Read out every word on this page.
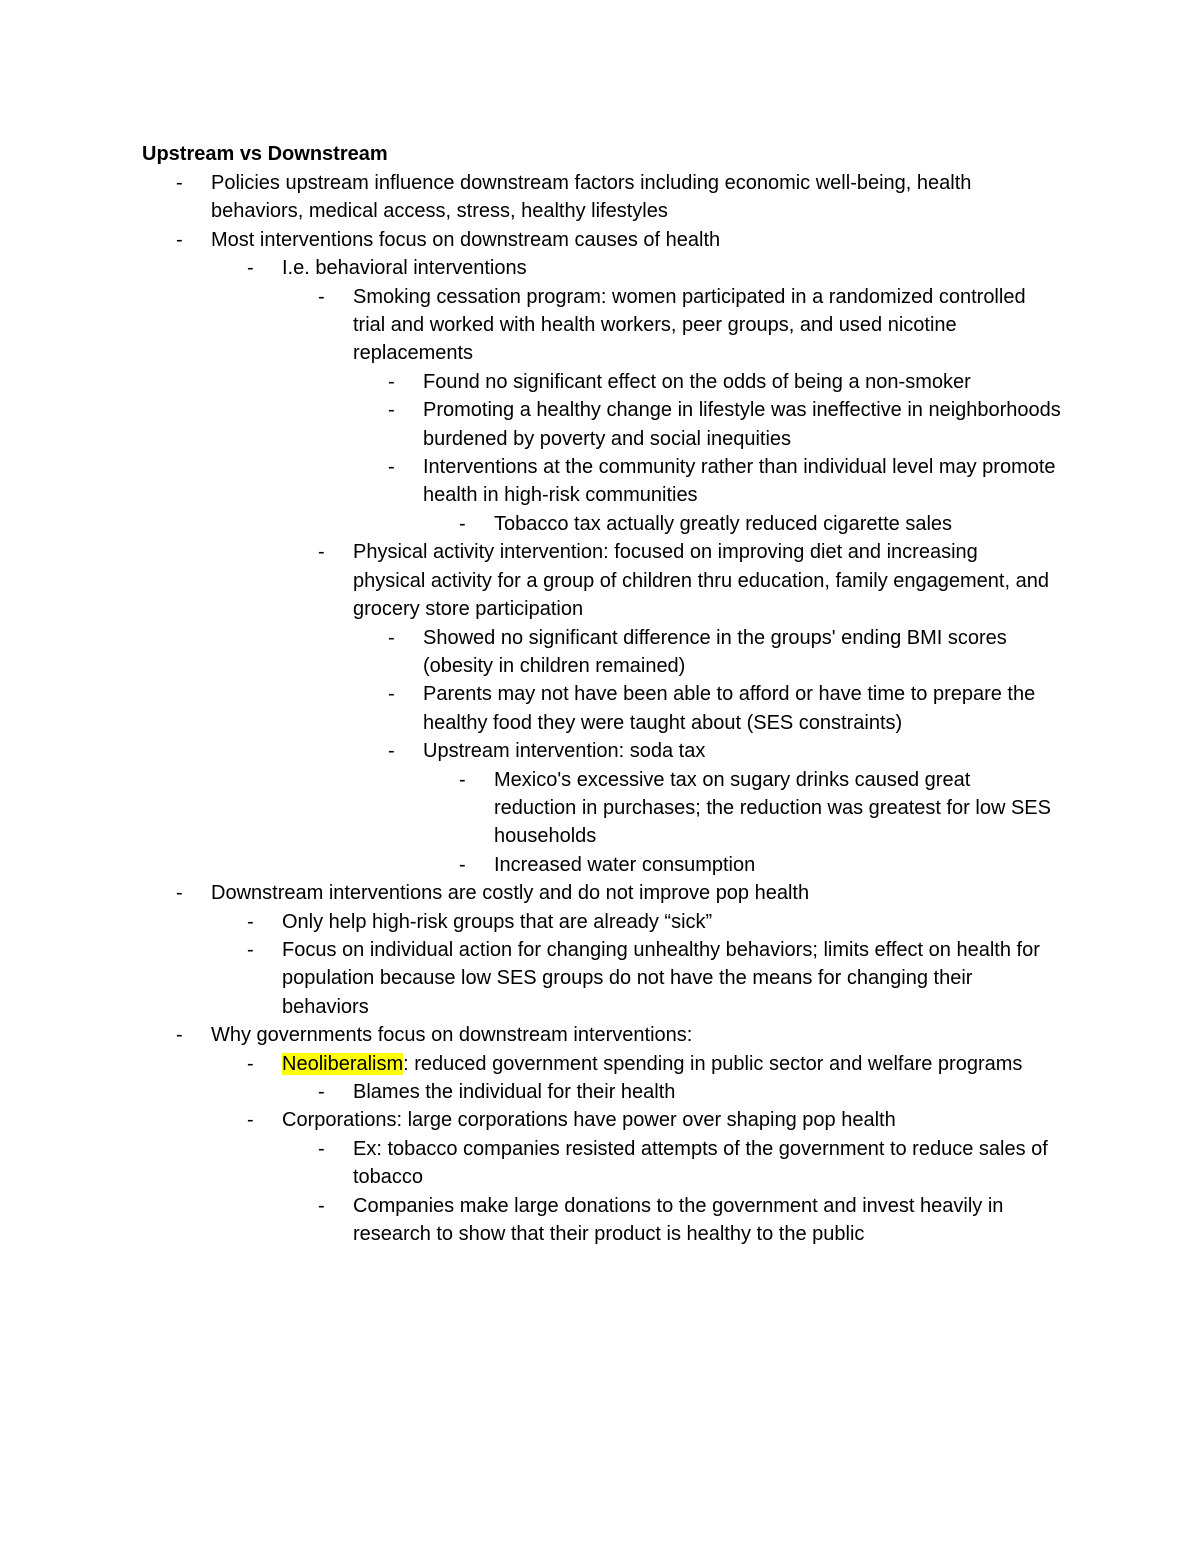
Upstream vs Downstream
-	Policies upstream influence downstream factors including economic well-being, health behaviors, medical access, stress, healthy lifestyles
-	Most interventions focus on downstream causes of health
-	I.e. behavioral interventions
-	Smoking cessation program: women participated in a randomized controlled trial and worked with health workers, peer groups, and used nicotine replacements
-	Found no significant effect on the odds of being a non-smoker
-	Promoting a healthy change in lifestyle was ineffective in neighborhoods burdened by poverty and social inequities
-	Interventions at the community rather than individual level may promote health in high-risk communities
-	Tobacco tax actually greatly reduced cigarette sales
-	Physical activity intervention: focused on improving diet and increasing physical activity for a group of children thru education, family engagement, and grocery store participation
-	Showed no significant difference in the groups' ending BMI scores (obesity in children remained)
-	Parents may not have been able to afford or have time to prepare the healthy food they were taught about (SES constraints)
-	Upstream intervention: soda tax
-	Mexico's excessive tax on sugary drinks caused great reduction in purchases; the reduction was greatest for low SES households
-	Increased water consumption
-	Downstream interventions are costly and do not improve pop health
-	Only help high-risk groups that are already “sick”
-	Focus on individual action for changing unhealthy behaviors; limits effect on health for population because low SES groups do not have the means for changing their behaviors
-	Why governments focus on downstream interventions:
-	Neoliberalism: reduced government spending in public sector and welfare programs
-	Blames the individual for their health
-	Corporations: large corporations have power over shaping pop health
-	Ex: tobacco companies resisted attempts of the government to reduce sales of tobacco
-	Companies make large donations to the government and invest heavily in research to show that their product is healthy to the public
